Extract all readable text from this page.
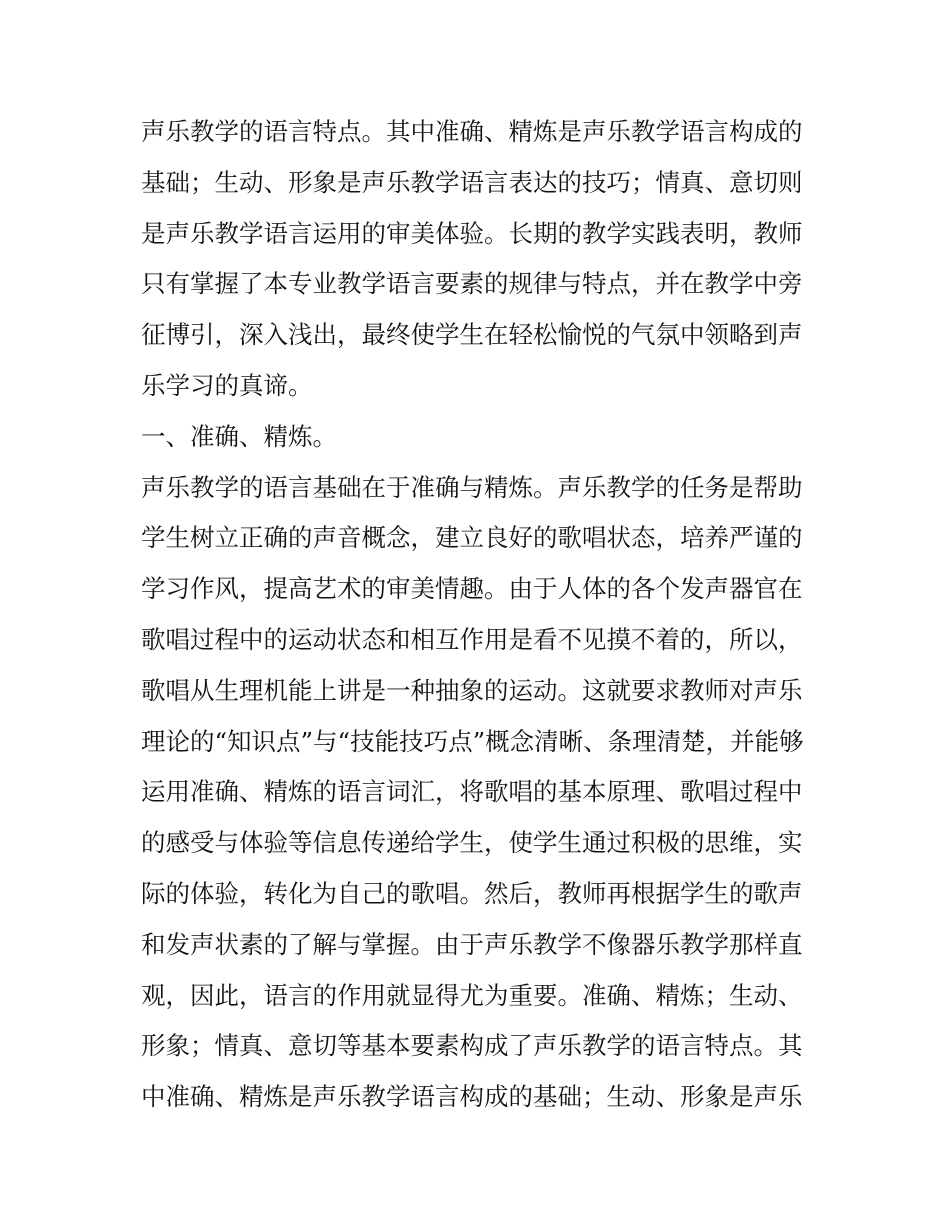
声乐教学的语言特点。其中准确、精炼是声乐教学语言构成的
基础；生动、形象是声乐教学语言表达的技巧；情真、意切则
是声乐教学语言运用的审美体验。长期的教学实践表明，教师
只有掌握了本专业教学语言要素的规律与特点，并在教学中旁
征博引，深入浅出，最终使学生在轻松愉悦的气氛中领略到声
乐学习的真谛。
一、准确、精炼。
声乐教学的语言基础在于准确与精炼。声乐教学的任务是帮助
学生树立正确的声音概念，建立良好的歌唱状态，培养严谨的
学习作风，提高艺术的审美情趣。由于人体的各个发声器官在
歌唱过程中的运动状态和相互作用是看不见摸不着的，所以，
歌唱从生理机能上讲是一种抽象的运动。这就要求教师对声乐
理论的“知识点”与“技能技巧点”概念清晰、条理清楚，并能够
运用准确、精炼的语言词汇，将歌唱的基本原理、歌唱过程中
的感受与体验等信息传递给学生，使学生通过积极的思维，实
际的体验，转化为自己的歌唱。然后，教师再根据学生的歌声
和发声状素的了解与掌握。由于声乐教学不像器乐教学那样直
观，因此，语言的作用就显得尤为重要。准确、精炼；生动、
形象；情真、意切等基本要素构成了声乐教学的语言特点。其
中准确、精炼是声乐教学语言构成的基础；生动、形象是声乐
